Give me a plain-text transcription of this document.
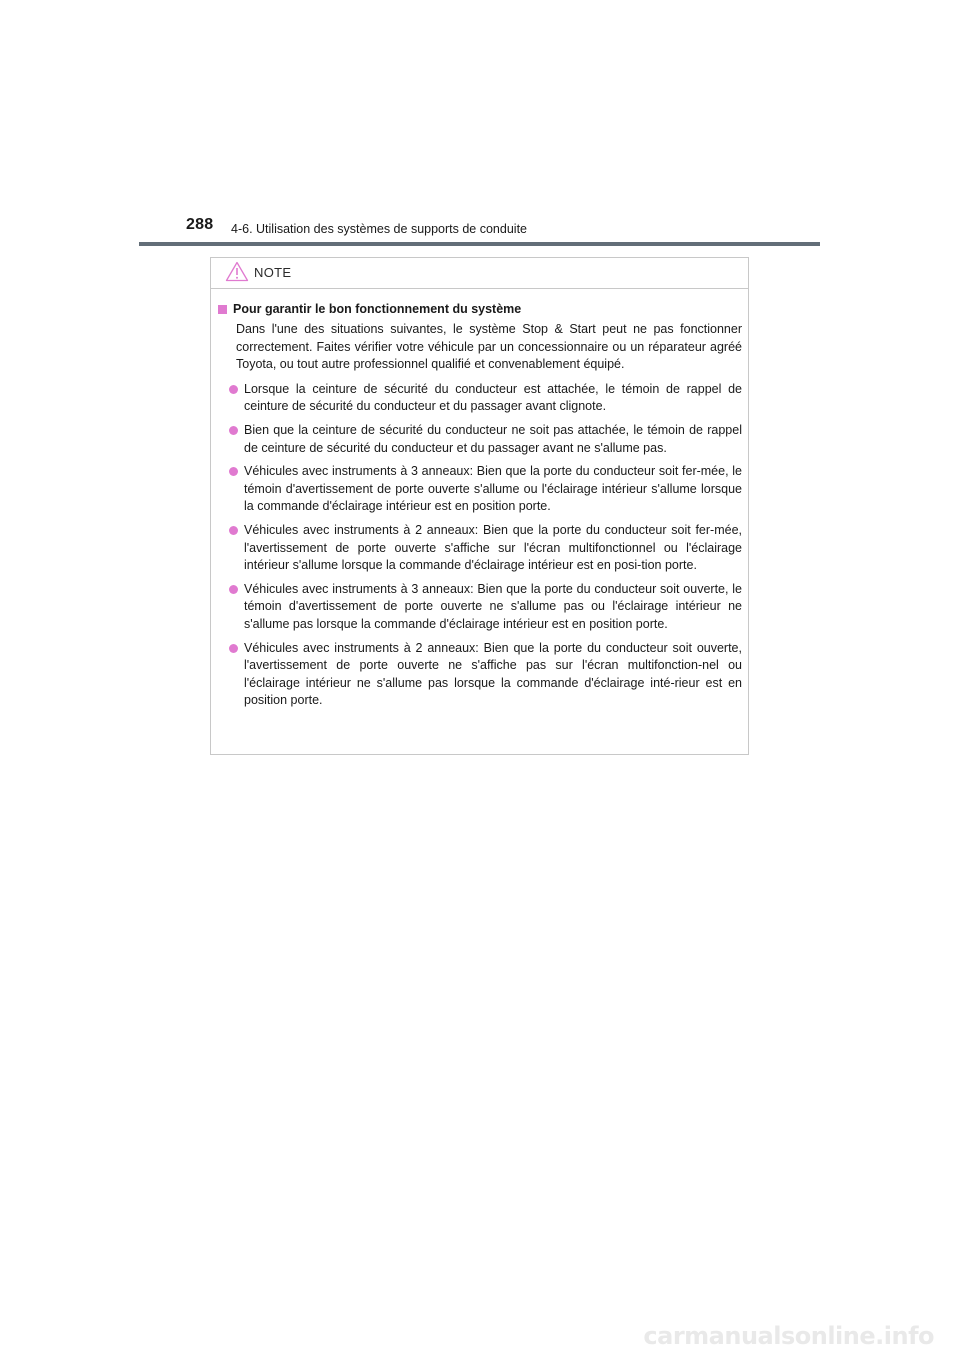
288 4-6. Utilisation des systèmes de supports de conduite
NOTE
Pour garantir le bon fonctionnement du système
Dans l'une des situations suivantes, le système Stop & Start peut ne pas fonctionner correctement. Faites vérifier votre véhicule par un concessionnaire ou un réparateur agréé Toyota, ou tout autre professionnel qualifié et convenablement équipé.
Lorsque la ceinture de sécurité du conducteur est attachée, le témoin de rappel de ceinture de sécurité du conducteur et du passager avant clignote.
Bien que la ceinture de sécurité du conducteur ne soit pas attachée, le témoin de rappel de ceinture de sécurité du conducteur et du passager avant ne s'allume pas.
Véhicules avec instruments à 3 anneaux: Bien que la porte du conducteur soit fer-mée, le témoin d'avertissement de porte ouverte s'allume ou l'éclairage intérieur s'allume lorsque la commande d'éclairage intérieur est en position porte.
Véhicules avec instruments à 2 anneaux: Bien que la porte du conducteur soit fer-mée, l'avertissement de porte ouverte s'affiche sur l'écran multifonctionnel ou l'éclairage intérieur s'allume lorsque la commande d'éclairage intérieur est en posi-tion porte.
Véhicules avec instruments à 3 anneaux: Bien que la porte du conducteur soit ouverte, le témoin d'avertissement de porte ouverte ne s'allume pas ou l'éclairage intérieur ne s'allume pas lorsque la commande d'éclairage intérieur est en position porte.
Véhicules avec instruments à 2 anneaux: Bien que la porte du conducteur soit ouverte, l'avertissement de porte ouverte ne s'affiche pas sur l'écran multifonction-nel ou l'éclairage intérieur ne s'allume pas lorsque la commande d'éclairage inté-rieur est en position porte.
carmanualsonline.info
